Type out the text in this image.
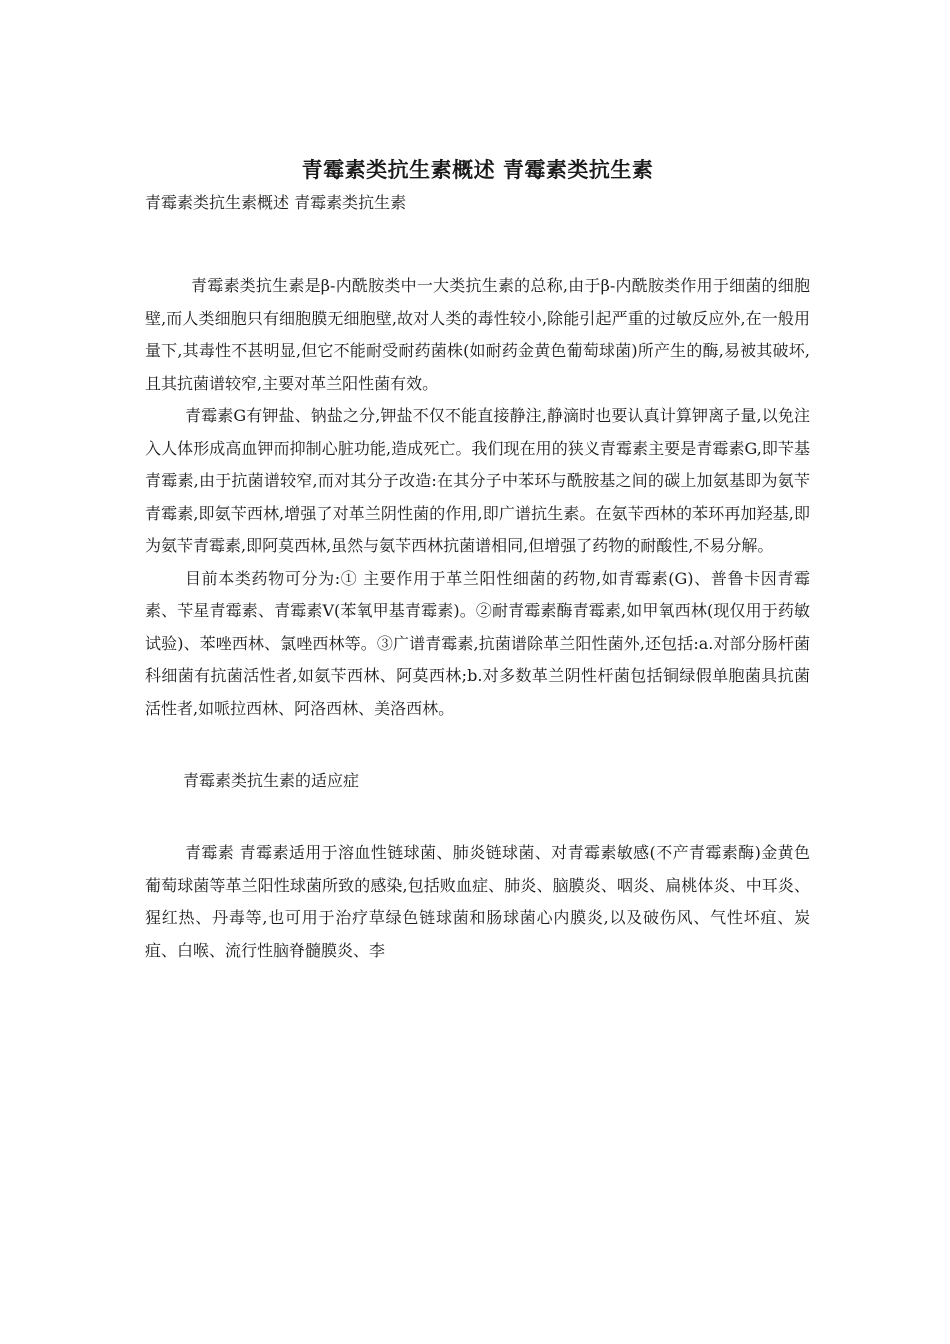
青霉素类抗生素概述 青霉素类抗生素

青霉素类抗生素概述 青霉素类抗生素

青霉素类抗生素是β-内酰胺类中一大类抗生素的总称,由于β-内酰胺类作用于细菌的细胞壁,而人类细胞只有细胞膜无细胞壁,故对人类的毒性较小,除能引起严重的过敏反应外,在一般用量下,其毒性不甚明显,但它不能耐受耐药菌株(如耐药金黄色葡萄球菌)所产生的酶,易被其破坏,且其抗菌谱较窄,主要对革兰阳性菌有效。

青霉素G有钾盐、钠盐之分,钾盐不仅不能直接静注,静滴时也要认真计算钾离子量,以免注入人体形成高血钾而抑制心脏功能,造成死亡。我们现在用的狭义青霉素主要是青霉素G,即苄基青霉素,由于抗菌谱较窄,而对其分子改造:在其分子中苯环与酰胺基之间的碳上加氨基即为氨苄青霉素,即氨苄西林,增强了对革兰阴性菌的作用,即广谱抗生素。在氨苄西林的苯环再加羟基,即为氨苄青霉素,即阿莫西林,虽然与氨苄西林抗菌谱相同,但增强了药物的耐酸性,不易分解。

目前本类药物可分为:① 主要作用于革兰阳性细菌的药物,如青霉素(G)、普鲁卡因青霉素、苄星青霉素、青霉素V(苯氧甲基青霉素)。②耐青霉素酶青霉素,如甲氧西林(现仅用于药敏试验)、苯唑西林、氯唑西林等。③广谱青霉素,抗菌谱除革兰阳性菌外,还包括:a.对部分肠杆菌科细菌有抗菌活性者,如氨苄西林、阿莫西林;b.对多数革兰阴性杆菌包括铜绿假单胞菌具抗菌活性者,如哌拉西林、阿洛西林、美洛西林。

青霉素类抗生素的适应症

青霉素 青霉素适用于溶血性链球菌、肺炎链球菌、对青霉素敏感(不产青霉素酶)金黄色葡萄球菌等革兰阳性球菌所致的感染,包括败血症、肺炎、脑膜炎、咽炎、扁桃体炎、中耳炎、猩红热、丹毒等,也可用于治疗草绿色链球菌和肠球菌心内膜炎,以及破伤风、气性坏疽、炭疽、白喉、流行性脑脊髓膜炎、李
